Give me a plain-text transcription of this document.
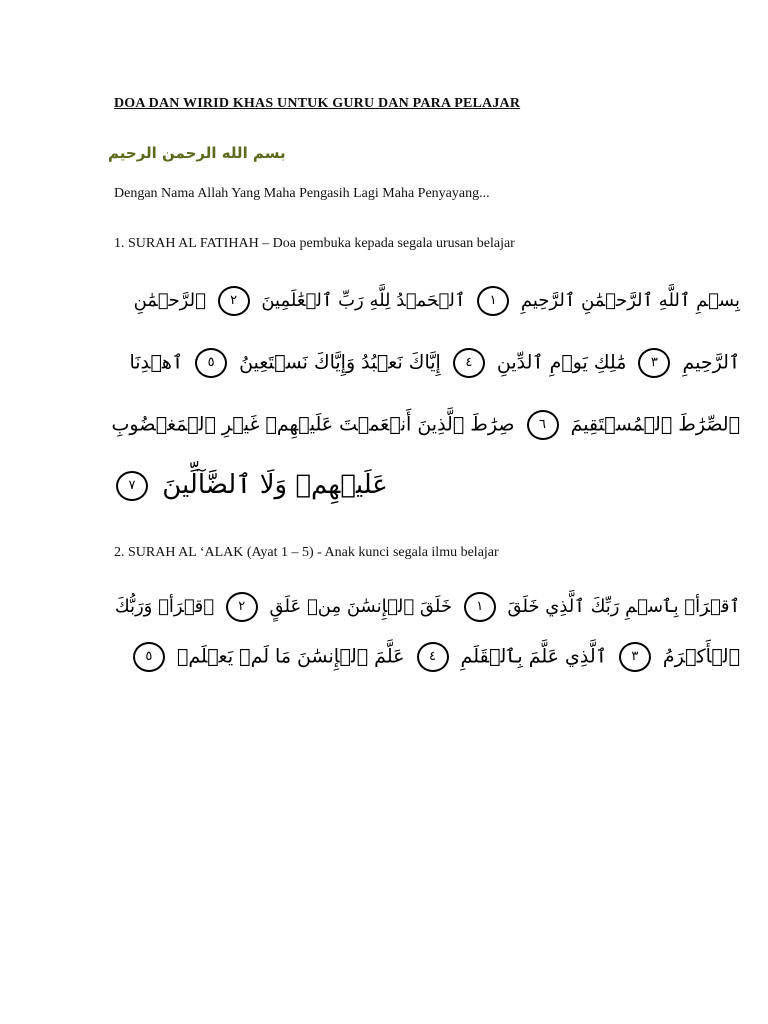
DOA DAN WIRID KHAS UNTUK GURU DAN PARA PELAJAR
بسم الله الرحمن الرحيم
Dengan Nama Allah Yang Maha Pengasih Lagi Maha Penyayang...
1. SURAH AL FATIHAH – Doa pembuka kepada segala urusan belajar
بِسۡمِ ٱللَّهِ ٱلرَّحۡمَٰنِ ٱلرَّحِيمِ ١ ٱلۡحَمۡدُ لِلَّهِ رَبِّ ٱلۡعَٰلَمِينَ ٢ ٱلرَّحۡمَٰنِ
ٱلرَّحِيمِ ٣ مَٰلِكِ يَوۡمِ ٱلدِّينِ ٤ إِيَّاكَ نَعۡبُدُ وَإِيَّاكَ نَسۡتَعِينُ ٥ ٱهۡدِنَا
ٱلصِّرَٰطَ ٱلۡمُسۡتَقِيمَ ٦ صِرَٰطَ ٱلَّذِينَ أَنۡعَمۡتَ عَلَيۡهِمۡ غَيۡرِ ٱلۡمَغۡضُوبِ
عَلَيۡهِمۡ وَلَا ٱلضَّآلِّينَ ٧
2. SURAH AL ‘ALAK (Ayat 1 – 5) - Anak kunci segala ilmu belajar
ٱقۡرَأۡ بِٱسۡمِ رَبِّكَ ٱلَّذِي خَلَقَ ١ خَلَقَ ٱلۡإِنسَٰنَ مِنۡ عَلَقٍ ٢ ٱقۡرَأۡ وَرَبُّكَ
ٱلۡأَكۡرَمُ ٣ ٱلَّذِي عَلَّمَ بِٱلۡقَلَمِ ٤ عَلَّمَ ٱلۡإِنسَٰنَ مَا لَمۡ يَعۡلَمۡ ٥
